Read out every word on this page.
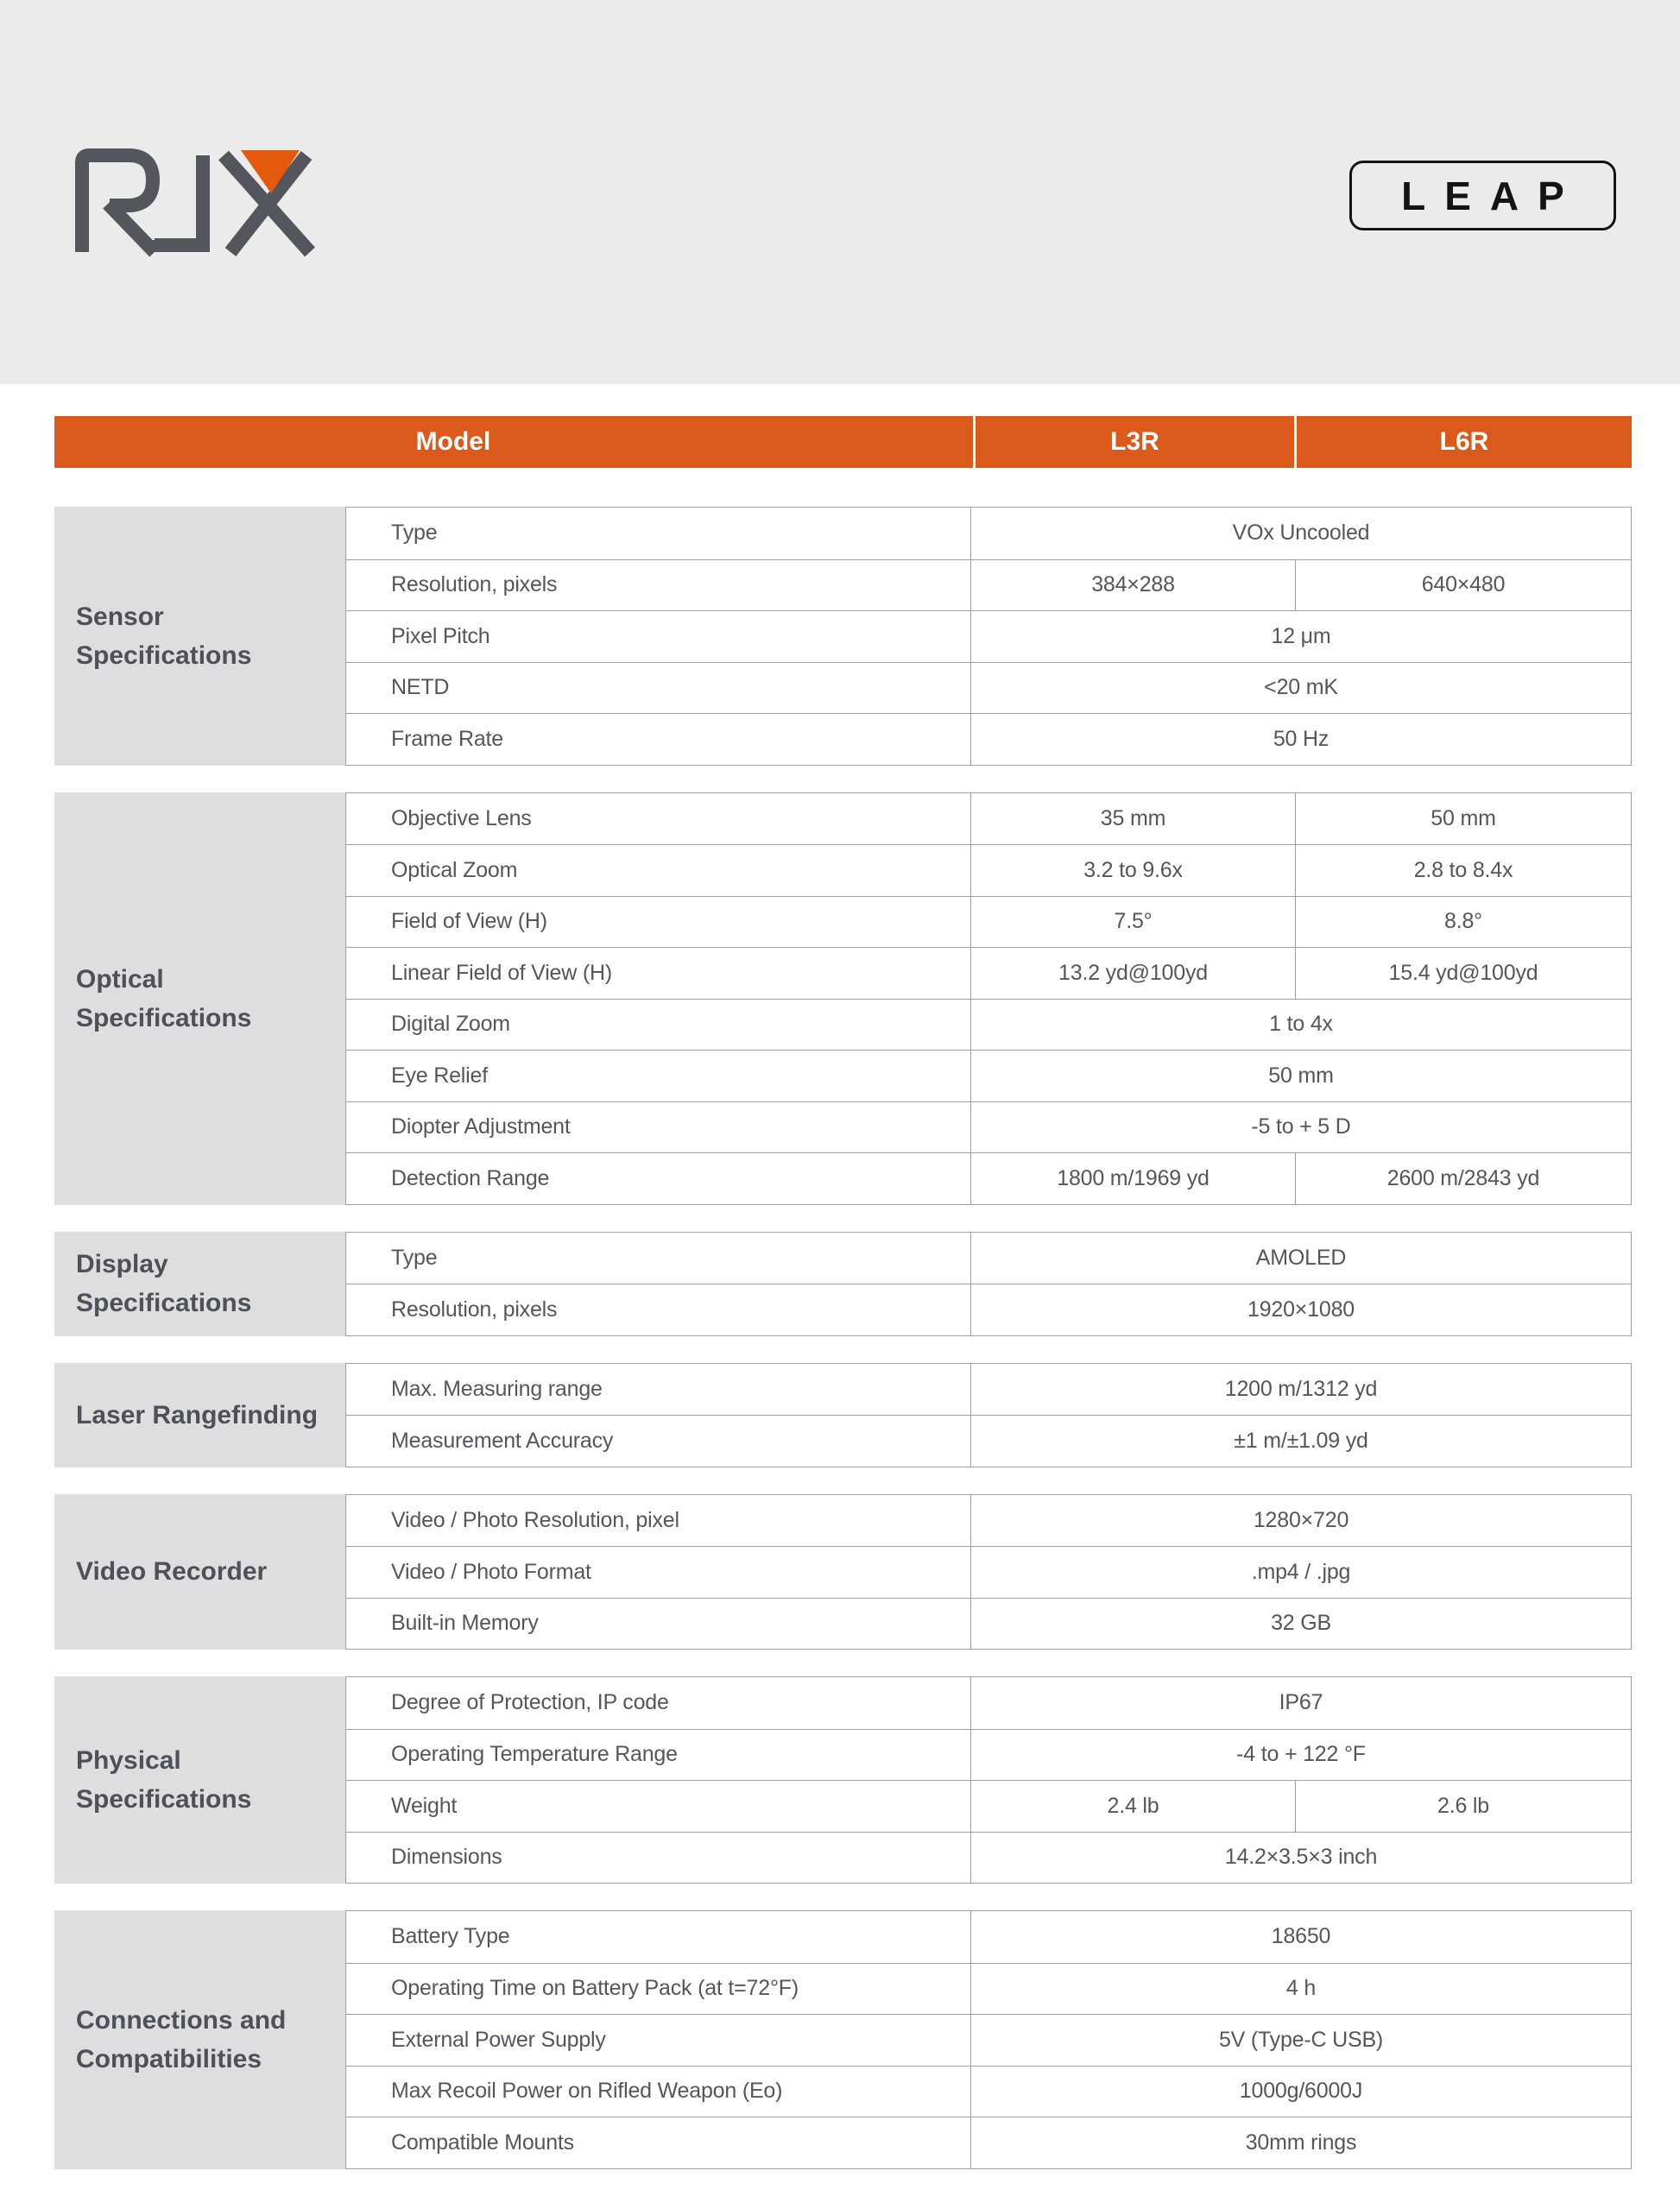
LEAP
Model	L3R	L6R
Sensor Specifications
Type	VOx Uncooled
Resolution, pixels	384×288	640×480
Pixel Pitch	12 μm
NETD	<20 mK
Frame Rate	50 Hz
Optical Specifications
Objective Lens	35 mm	50 mm
Optical Zoom	3.2 to 9.6x	2.8 to 8.4x
Field of View (H)	7.5°	8.8°
Linear Field of View (H)	13.2 yd@100yd	15.4 yd@100yd
Digital Zoom	1 to 4x
Eye Relief	50 mm
Diopter Adjustment	-5 to + 5 D
Detection Range	1800 m/1969 yd	2600 m/2843 yd
Display Specifications
Type	AMOLED
Resolution, pixels	1920×1080
Laser Rangefinding
Max. Measuring range	1200 m/1312 yd
Measurement Accuracy	±1 m/±1.09 yd
Video Recorder
Video / Photo Resolution, pixel	1280×720
Video / Photo Format	.mp4 / .jpg
Built-in Memory	32 GB
Physical Specifications
Degree of Protection, IP code	IP67
Operating Temperature Range	-4 to + 122 °F
Weight	2.4 lb	2.6 lb
Dimensions	14.2×3.5×3 inch
Connections and Compatibilities
Battery Type	18650
Operating Time on Battery Pack (at t=72°F)	4 h
External Power Supply	5V (Type-C USB)
Max Recoil Power on Rifled Weapon (Eo)	1000g/6000J
Compatible Mounts	30mm rings
